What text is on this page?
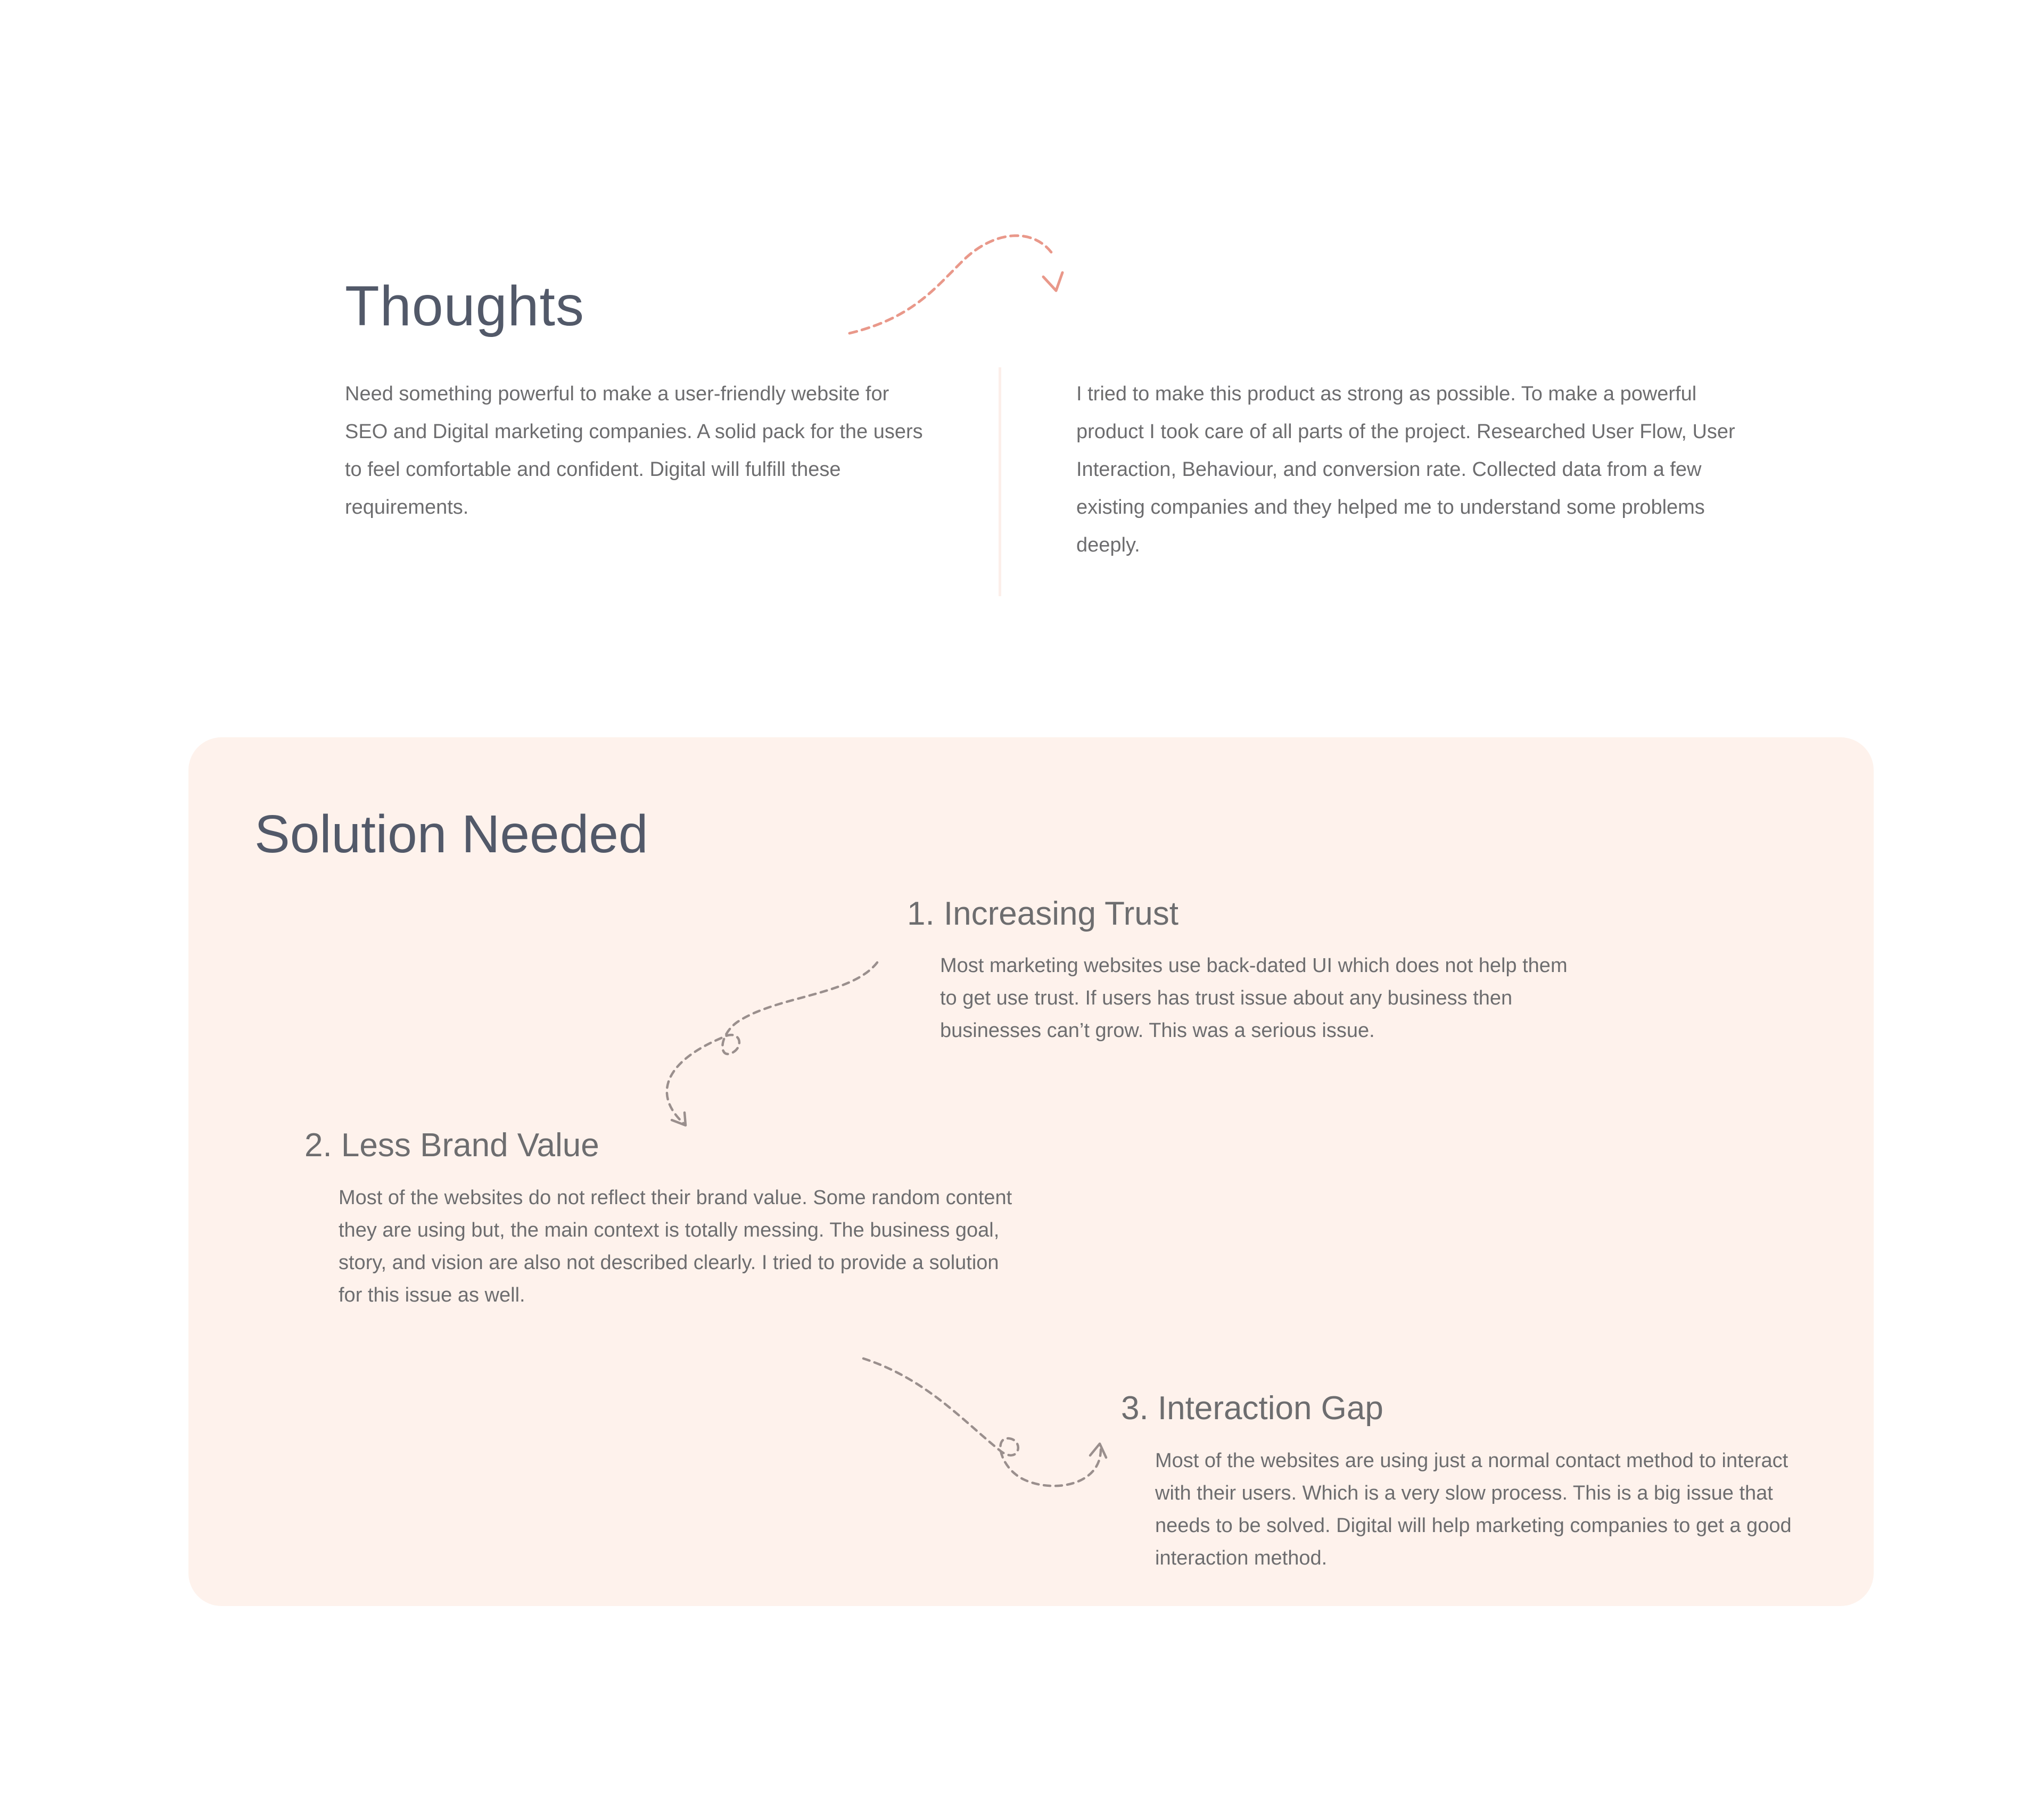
Thoughts

Need something powerful to make a user-friendly website for SEO and Digital marketing companies. A solid pack for the users to feel comfortable and confident. Digital will fulfill these requirements.

I tried to make this product as strong as possible. To make a powerful product I took care of all parts of the project. Researched User Flow, User Interaction, Behaviour, and conversion rate. Collected data from a few existing companies and they helped me to understand some problems deeply.

Solution Needed
1. Increasing Trust

Most marketing websites use back-dated UI which does not help them to get use trust. If users has trust issue about any business then businesses can’t grow. This was a serious issue.

2. Less Brand Value

Most of the websites do not reflect their brand value. Some random content they are using but, the main context is totally messing. The business goal, story, and vision are also not described clearly. I tried to provide a solution for this issue as well.

3. Interaction Gap

Most of the websites are using just a normal contact method to interact with their users. Which is a very slow process. This is a big issue that needs to be solved. Digital will help marketing companies to get a good interaction method.
